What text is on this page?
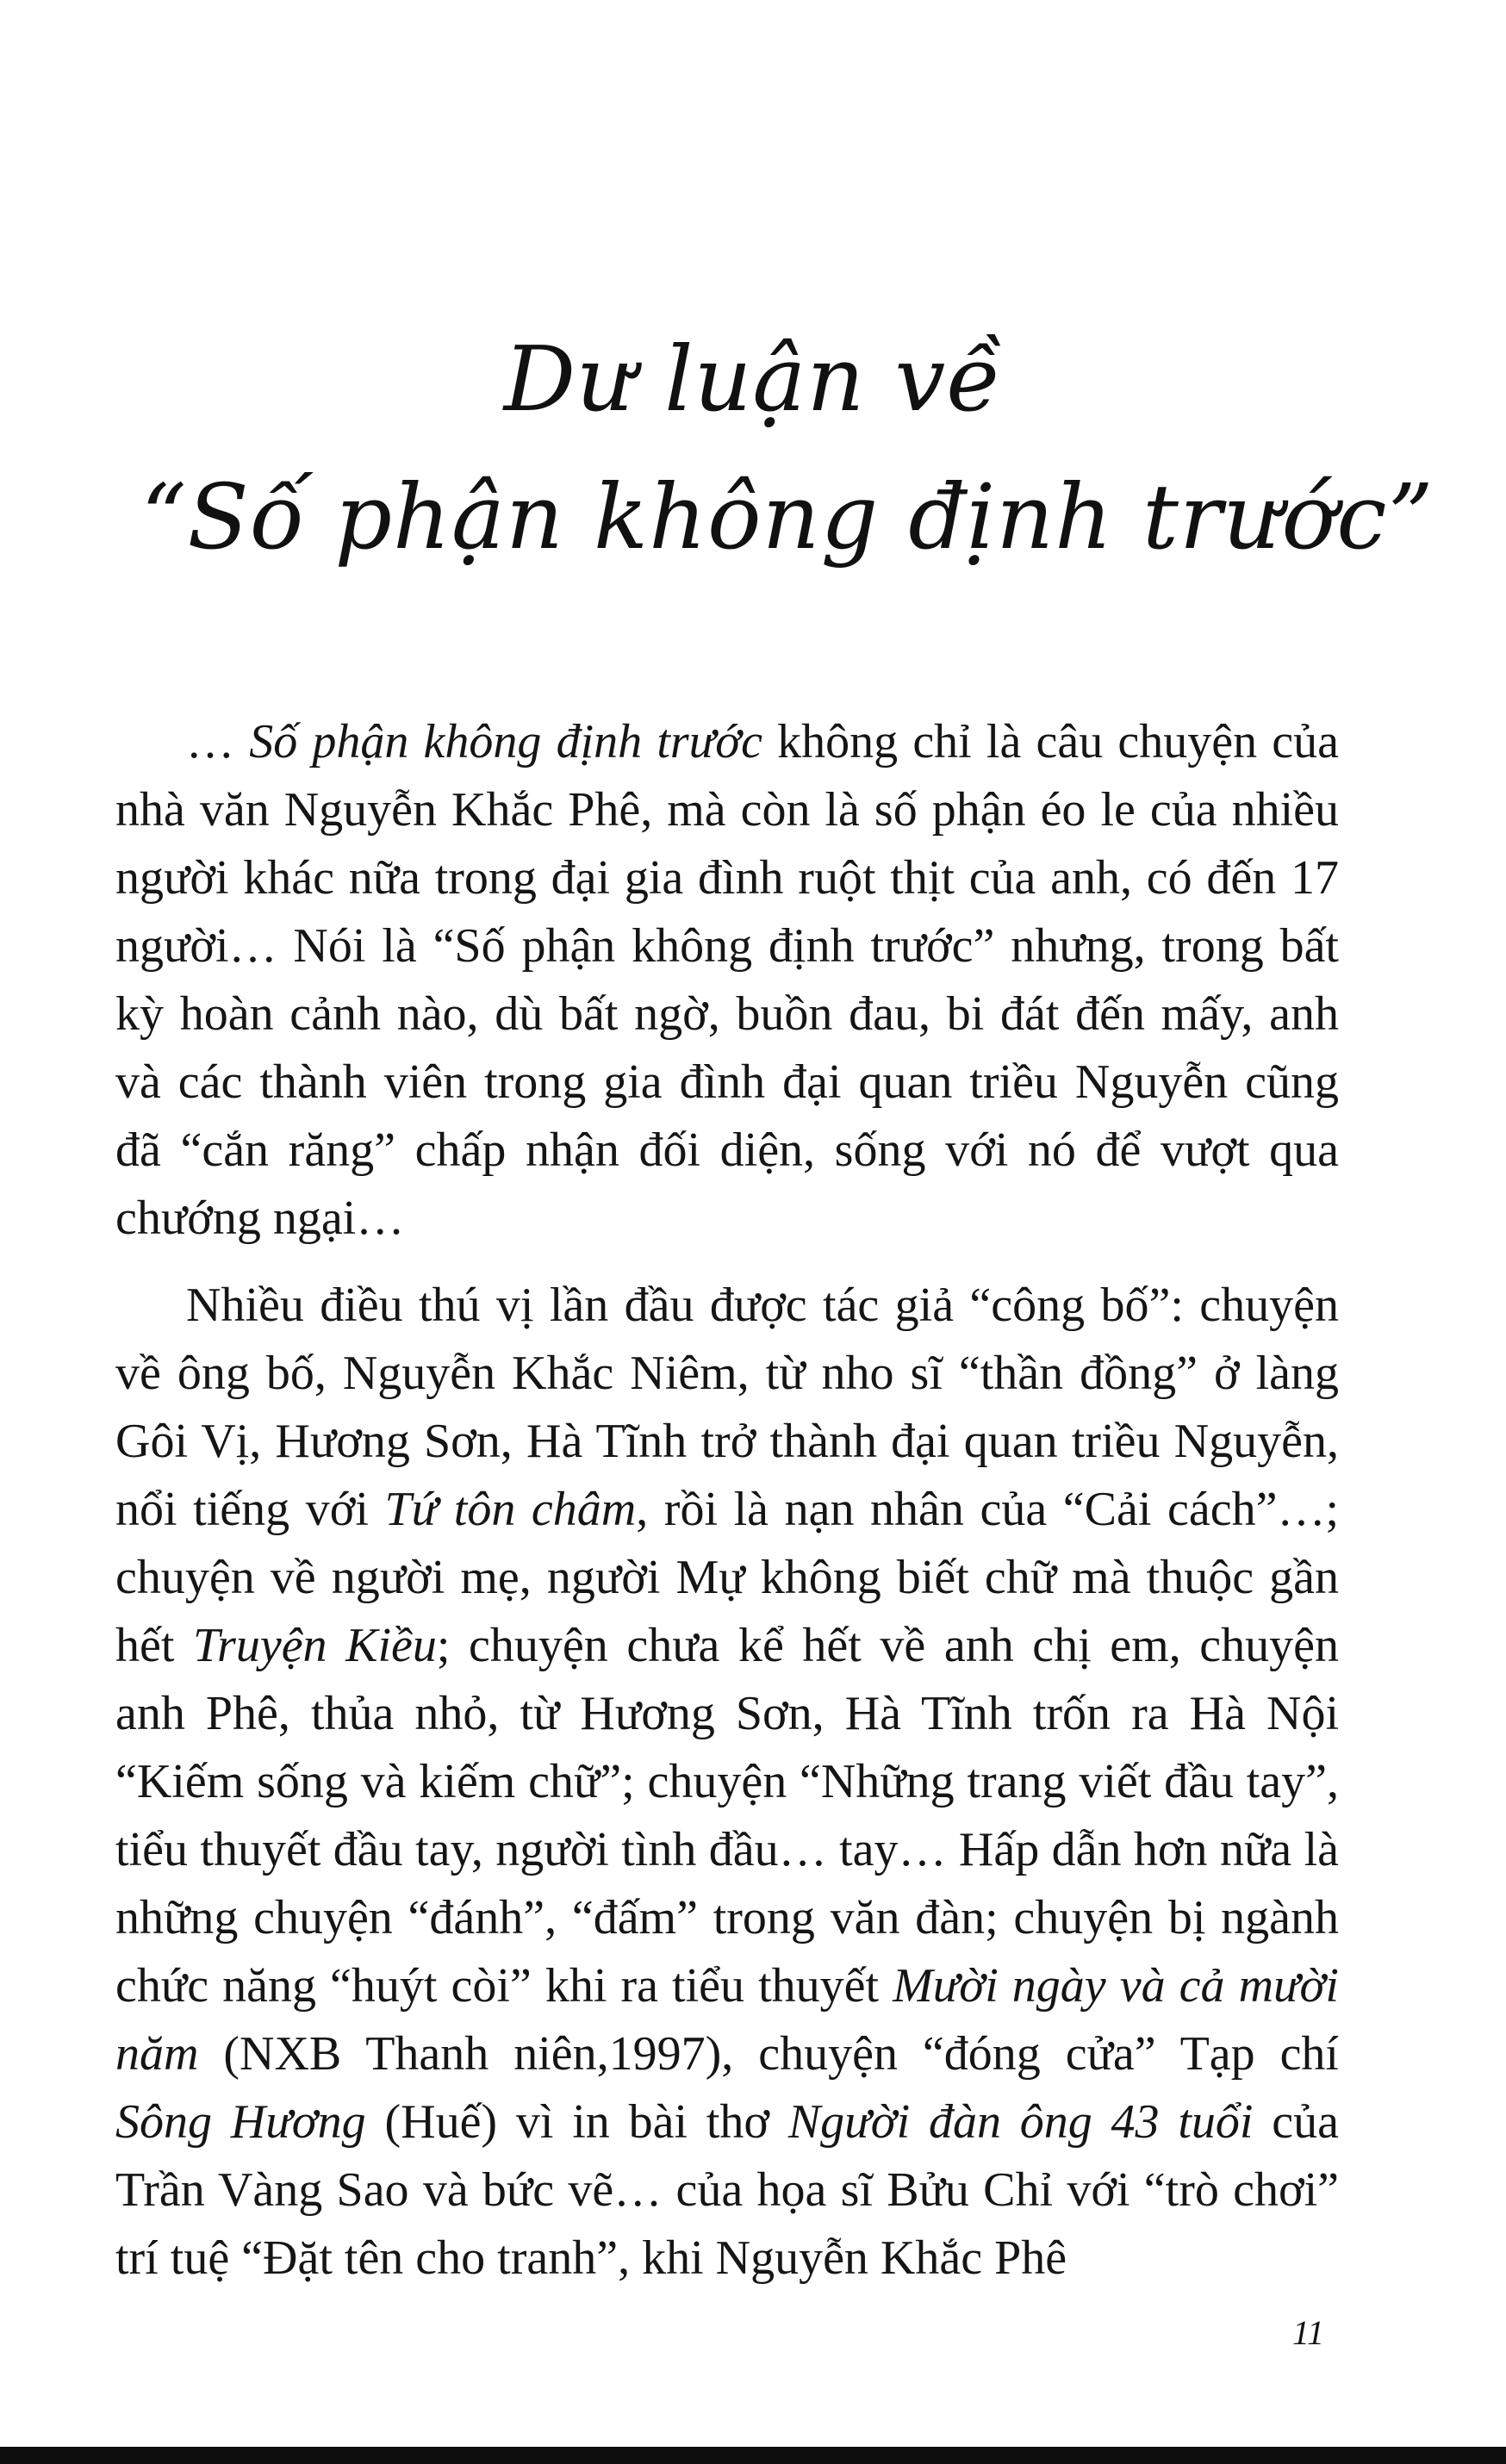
Dư luận về
“Số phận không định trước”

… Số phận không định trước không chỉ là câu chuyện của nhà văn Nguyễn Khắc Phê, mà còn là số phận éo le của nhiều người khác nữa trong đại gia đình ruột thịt của anh, có đến 17 người… Nói là “Số phận không định trước” nhưng, trong bất kỳ hoàn cảnh nào, dù bất ngờ, buồn đau, bi đát đến mấy, anh và các thành viên trong gia đình đại quan triều Nguyễn cũng đã “cắn răng” chấp nhận đối diện, sống với nó để vượt qua chướng ngại…

Nhiều điều thú vị lần đầu được tác giả “công bố”: chuyện về ông bố, Nguyễn Khắc Niêm, từ nho sĩ “thần đồng” ở làng Gôi Vị, Hương Sơn, Hà Tĩnh trở thành đại quan triều Nguyễn, nổi tiếng với Tứ tôn châm, rồi là nạn nhân của “Cải cách”…; chuyện về người mẹ, người Mự không biết chữ mà thuộc gần hết Truyện Kiều; chuyện chưa kể hết về anh chị em, chuyện anh Phê, thủa nhỏ, từ Hương Sơn, Hà Tĩnh trốn ra Hà Nội “Kiếm sống và kiếm chữ”; chuyện “Những trang viết đầu tay”, tiểu thuyết đầu tay, người tình đầu… tay… Hấp dẫn hơn nữa là những chuyện “đánh”, “đấm” trong văn đàn; chuyện bị ngành chức năng “huýt còi” khi ra tiểu thuyết Mười ngày và cả mười năm (NXB Thanh niên,1997), chuyện “đóng cửa” Tạp chí Sông Hương (Huế) vì in bài thơ Người đàn ông 43 tuổi của Trần Vàng Sao và bức vẽ… của họa sĩ Bửu Chỉ với “trò chơi” trí tuệ “Đặt tên cho tranh”, khi Nguyễn Khắc Phê

11
